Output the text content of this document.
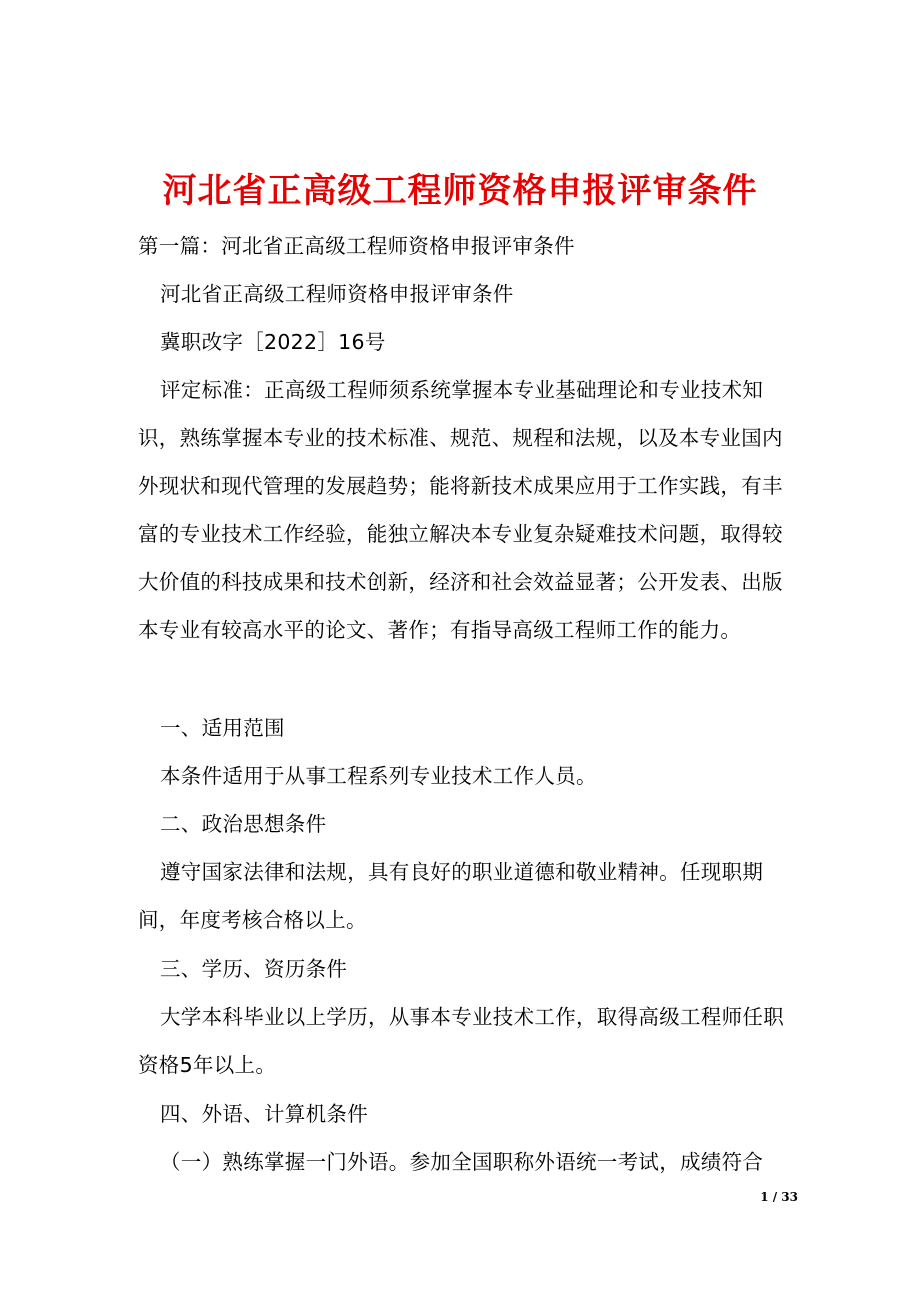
河北省正高级工程师资格申报评审条件

第一篇：河北省正高级工程师资格申报评审条件

河北省正高级工程师资格申报评审条件

冀职改字［2022］16号

评定标准：正高级工程师须系统掌握本专业基础理论和专业技术知识，熟练掌握本专业的技术标准、规范、规程和法规，以及本专业国内外现状和现代管理的发展趋势；能将新技术成果应用于工作实践，有丰富的专业技术工作经验，能独立解决本专业复杂疑难技术问题，取得较大价值的科技成果和技术创新，经济和社会效益显著；公开发表、出版本专业有较高水平的论文、著作；有指导高级工程师工作的能力。

一、适用范围

本条件适用于从事工程系列专业技术工作人员。

二、政治思想条件

遵守国家法律和法规，具有良好的职业道德和敬业精神。任现职期间，年度考核合格以上。

三、学历、资历条件

大学本科毕业以上学历，从事本专业技术工作，取得高级工程师任职资格5年以上。

四、外语、计算机条件

（一）熟练掌握一门外语。参加全国职称外语统一考试，成绩符合

1 / 33
